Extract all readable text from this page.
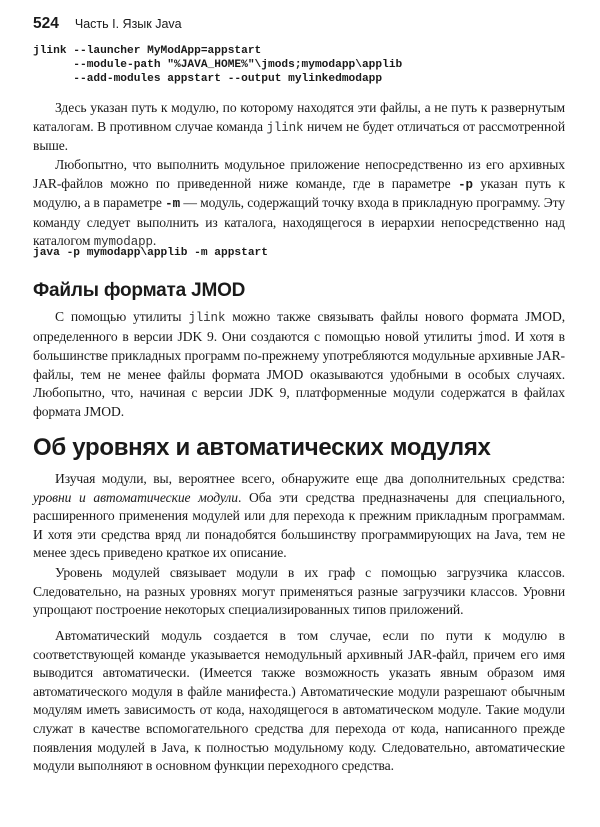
524 Часть I. Язык Java
jlink --launcher MyModApp=appstart
--module-path "%JAVA_HOME%"\jmods;mymodapp\applib
--add-modules appstart --output mylinkedmodapp

Здесь указан путь к модулю, по которому находятся эти файлы, а не путь к развернутым каталогам. В противном случае команда jlink ничем не будет отличаться от рассмотренной выше.

Любопытно, что выполнить модульное приложение непосредственно из его архивных JAR-файлов можно по приведенной ниже команде, где в параметре -p указан путь к модулю, а в параметре -m — модуль, содержащий точку входа в прикладную программу. Эту команду следует выполнить из каталога, находящегося в иерархии непосредственно над каталогом mymodapp.

java -p mymodapp\applib -m appstart
Файлы формата JMOD

С помощью утилиты jlink можно также связывать файлы нового формата JMOD, определенного в версии JDK 9. Они создаются с помощью новой утилиты jmod. И хотя в большинстве прикладных программ по-прежнему употребляются модульные архивные JAR-файлы, тем не менее файлы формата JMOD оказываются удобными в особых случаях. Любопытно, что, начиная с версии JDK 9, платформенные модули содержатся в файлах формата JMOD.

Об уровнях и автоматических модулях

Изучая модули, вы, вероятнее всего, обнаружите еще два дополнительных средства: уровни и автоматические модули. Оба эти средства предназначены для специального, расширенного применения модулей или для перехода к прежним прикладным программам. И хотя эти средства вряд ли понадобятся большинству программирующих на Java, тем не менее здесь приведено краткое их описание.

Уровень модулей связывает модули в их граф с помощью загрузчика классов. Следовательно, на разных уровнях могут применяться разные загрузчики классов. Уровни упрощают построение некоторых специализированных типов приложений.

Автоматический модуль создается в том случае, если по пути к модулю в соответствующей команде указывается немодульный архивный JAR-файл, причем его имя выводится автоматически. (Имеется также возможность указать явным образом имя автоматического модуля в файле манифеста.) Автоматические модули разрешают обычным модулям иметь зависимость от кода, находящегося в автоматическом модуле. Такие модули служат в качестве вспомогательного средства для перехода от кода, написанного прежде появления модулей в Java, к полностью модульному коду. Следовательно, автоматические модули выполняют в основном функции переходного средства.
